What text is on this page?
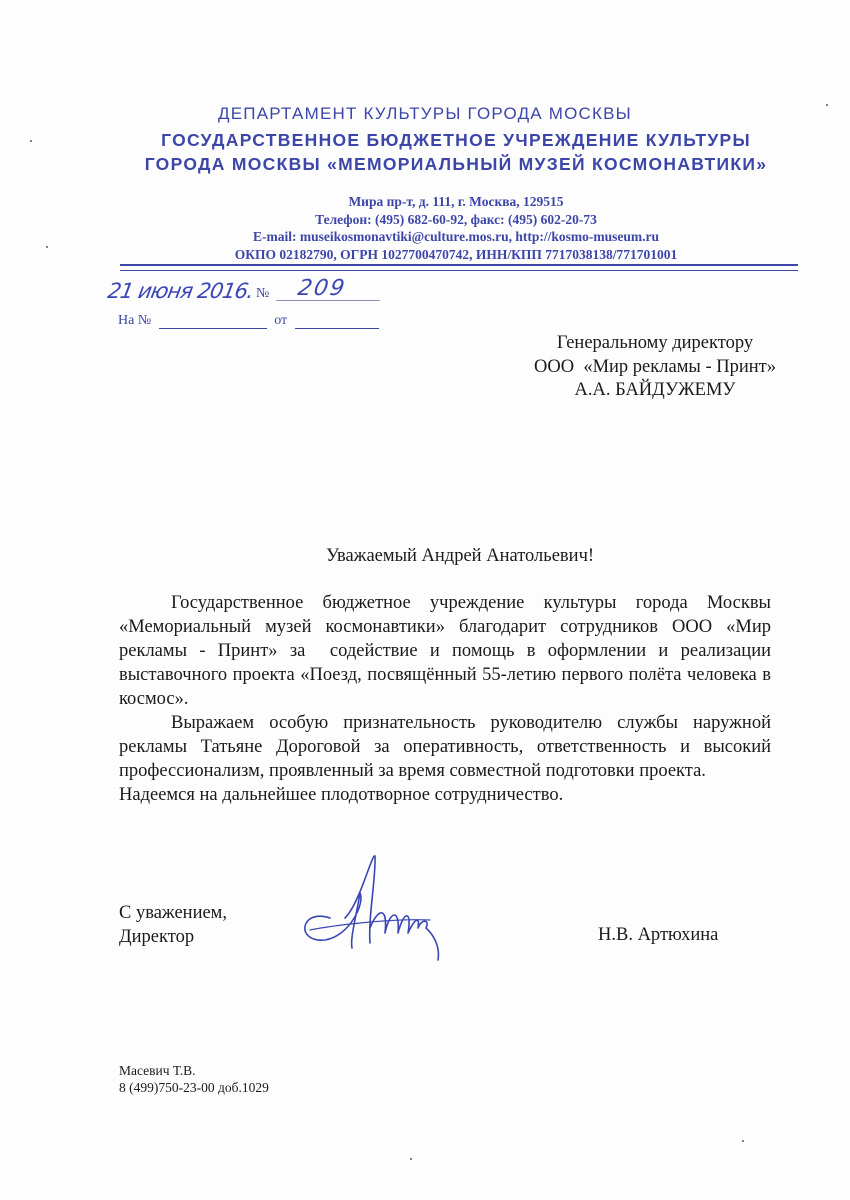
ДЕПАРТАМЕНТ КУЛЬТУРЫ ГОРОДА МОСКВЫ
ГОСУДАРСТВЕННОЕ БЮДЖЕТНОЕ УЧРЕЖДЕНИЕ КУЛЬТУРЫ
ГОРОДА МОСКВЫ «МЕМОРИАЛЬНЫЙ МУЗЕЙ КОСМОНАВТИКИ»
Мира пр-т, д. 111, г. Москва, 129515
Телефон: (495) 682-60-92, факс: (495) 602-20-73
E-mail: museikosmonavtiki@culture.mos.ru, http://kosmo-museum.ru
ОКПО 02182790, ОГРН 1027700470742, ИНН/КПП 7717038138/771701001
21 июня 2016. № 209
На №	от
Генеральному директору
ООО  «Мир рекламы - Принт»
А.А. БАЙДУЖЕМУ
Уважаемый Андрей Анатольевич!

Государственное бюджетное учреждение культуры города Москвы «Мемориальный музей космонавтики» благодарит сотрудников ООО «Мир рекламы - Принт» за  содействие и помощь в оформлении и реализации выставочного проекта «Поезд, посвящённый 55-летию первого полёта человека в космос».

Выражаем особую признательность руководителю службы наружной рекламы Татьяне Дороговой за оперативность, ответственность и высокий профессионализм, проявленный за время совместной подготовки проекта.

Надеемся на дальнейшее плодотворное сотрудничество.

С уважением,
Директор	Н.В. Артюхина
Масевич Т.В.
8 (499)750-23-00 доб.1029
